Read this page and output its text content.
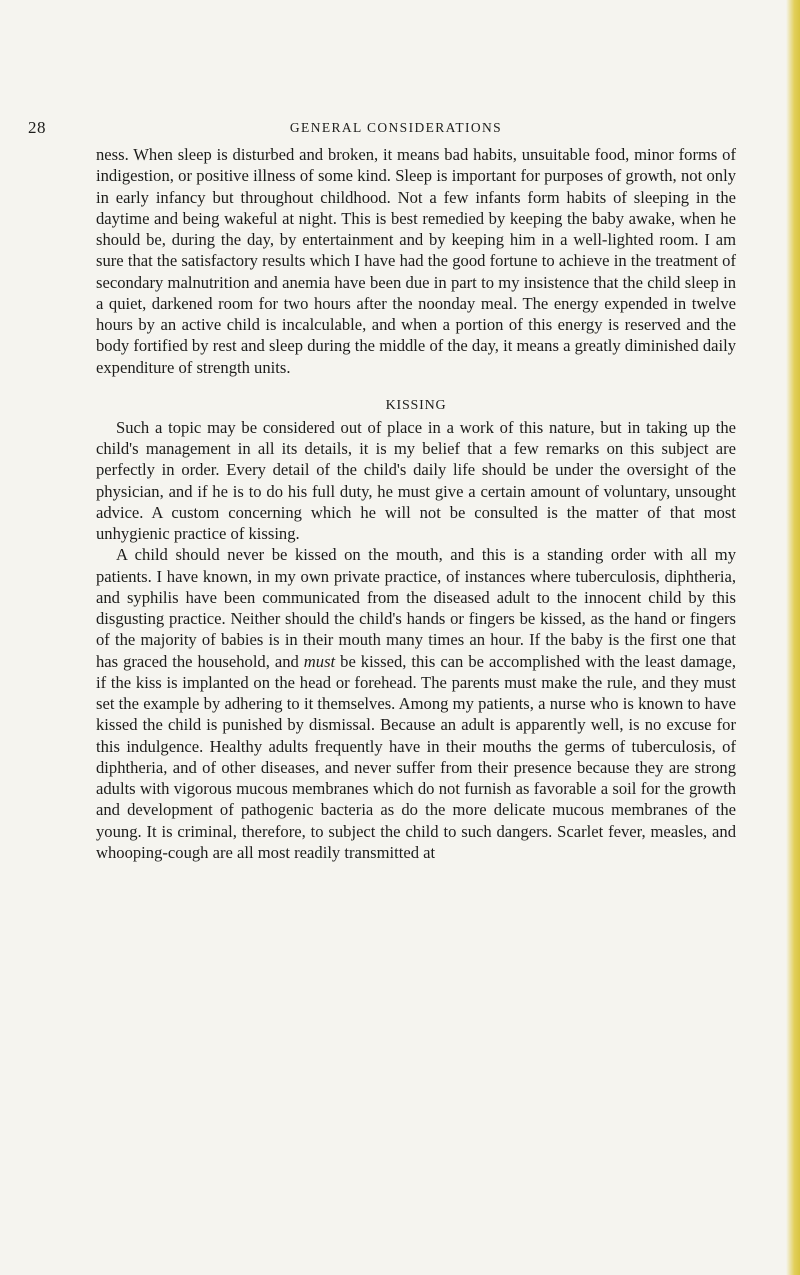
28	GENERAL CONSIDERATIONS

ness. When sleep is disturbed and broken, it means bad habits, unsuitable food, minor forms of indigestion, or positive illness of some kind. Sleep is important for purposes of growth, not only in early infancy but throughout childhood. Not a few infants form habits of sleeping in the daytime and being wakeful at night. This is best remedied by keeping the baby awake, when he should be, during the day, by entertainment and by keeping him in a well-lighted room. I am sure that the satisfactory results which I have had the good fortune to achieve in the treatment of secondary malnutrition and anemia have been due in part to my insistence that the child sleep in a quiet, darkened room for two hours after the noonday meal. The energy expended in twelve hours by an active child is incalculable, and when a portion of this energy is reserved and the body fortified by rest and sleep during the middle of the day, it means a greatly diminished daily expenditure of strength units.

KISSING

Such a topic may be considered out of place in a work of this nature, but in taking up the child's management in all its details, it is my belief that a few remarks on this subject are perfectly in order. Every detail of the child's daily life should be under the oversight of the physician, and if he is to do his full duty, he must give a certain amount of voluntary, unsought advice. A custom concerning which he will not be consulted is the matter of that most unhygienic practice of kissing.

A child should never be kissed on the mouth, and this is a standing order with all my patients. I have known, in my own private practice, of instances where tuberculosis, diphtheria, and syphilis have been communicated from the diseased adult to the innocent child by this disgusting practice. Neither should the child's hands or fingers be kissed, as the hand or fingers of the majority of babies is in their mouth many times an hour. If the baby is the first one that has graced the household, and must be kissed, this can be accomplished with the least damage, if the kiss is implanted on the head or forehead. The parents must make the rule, and they must set the example by adhering to it themselves. Among my patients, a nurse who is known to have kissed the child is punished by dismissal. Because an adult is apparently well, is no excuse for this indulgence. Healthy adults frequently have in their mouths the germs of tuberculosis, of diphtheria, and of other diseases, and never suffer from their presence because they are strong adults with vigorous mucous membranes which do not furnish as favorable a soil for the growth and development of pathogenic bacteria as do the more delicate mucous membranes of the young. It is criminal, therefore, to subject the child to such dangers. Scarlet fever, measles, and whooping-cough are all most readily transmitted at
